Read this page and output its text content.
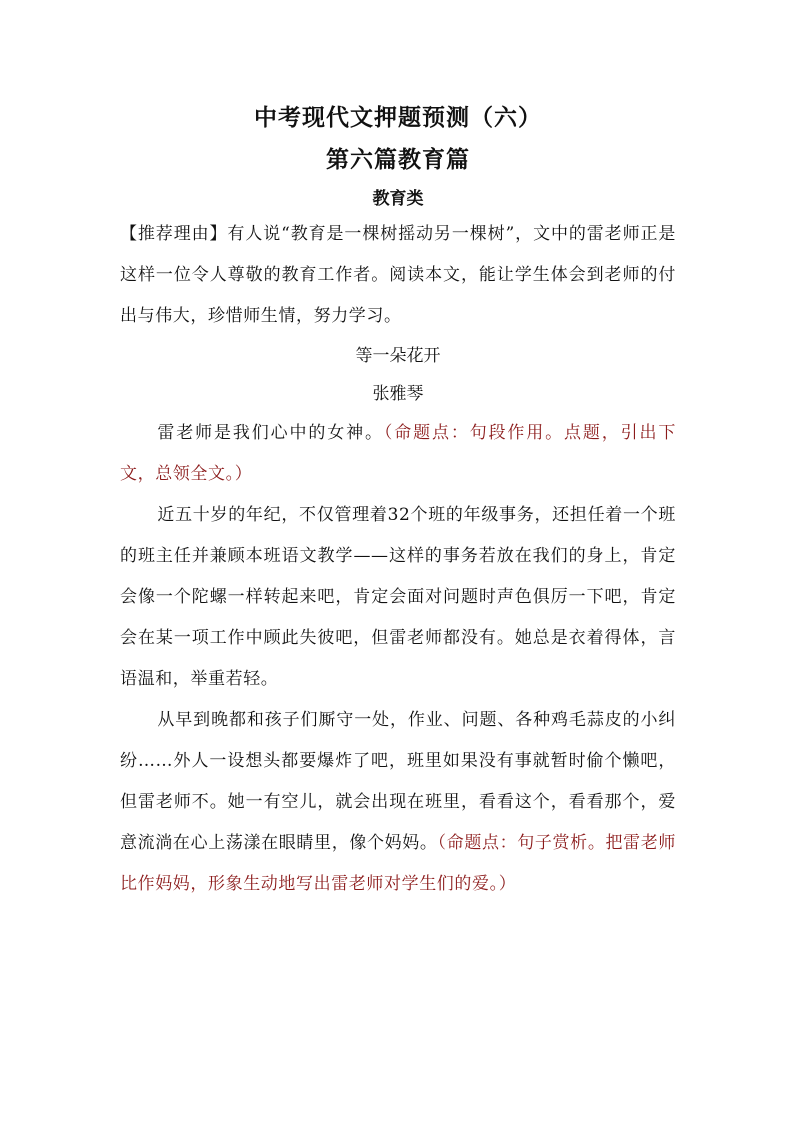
中考现代文押题预测（六）
第六篇教育篇
教育类

【推荐理由】有人说“教育是一棵树摇动另一棵树”，文中的雷老师正是这样一位令人尊敬的教育工作者。阅读本文，能让学生体会到老师的付出与伟大，珍惜师生情，努力学习。

等一朵花开

张雅琴

雷老师是我们心中的女神。（命题点：句段作用。点题，引出下文，总领全文。）

近五十岁的年纪，不仅管理着32个班的年级事务，还担任着一个班的班主任并兼顾本班语文教学——这样的事务若放在我们的身上，肯定会像一个陀螺一样转起来吧，肯定会面对问题时声色俱厉一下吧，肯定会在某一项工作中顾此失彼吧，但雷老师都没有。她总是衣着得体，言语温和，举重若轻。

从早到晚都和孩子们厮守一处，作业、问题、各种鸡毛蒜皮的小纠纷……外人一设想头都要爆炸了吧，班里如果没有事就暂时偷个懒吧，但雷老师不。她一有空儿，就会出现在班里，看看这个，看看那个，爱意流淌在心上荡漾在眼睛里，像个妈妈。（命题点：句子赏析。把雷老师比作妈妈，形象生动地写出雷老师对学生们的爱。）
